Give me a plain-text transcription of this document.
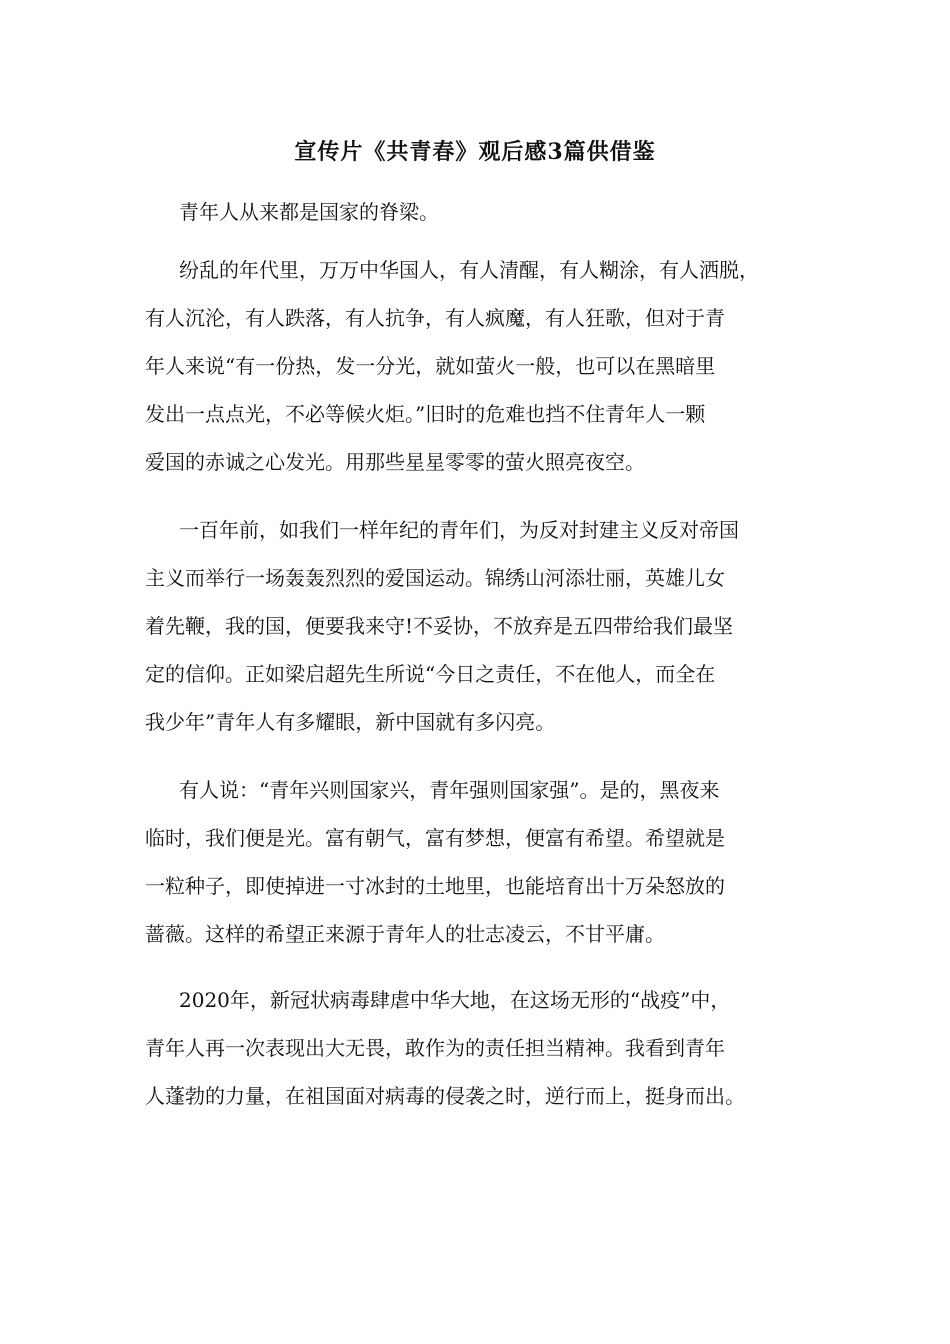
宣传片《共青春》观后感3篇供借鉴
青年人从来都是国家的脊梁。
纷乱的年代里，万万中华国人，有人清醒，有人糊涂，有人洒脱，
有人沉沦，有人跌落，有人抗争，有人疯魔，有人狂歌，但对于青
年人来说“有一份热，发一分光，就如萤火一般，也可以在黑暗里
发出一点点光，不必等候火炬。”旧时的危难也挡不住青年人一颗
爱国的赤诚之心发光。用那些星星零零的萤火照亮夜空。
一百年前，如我们一样年纪的青年们，为反对封建主义反对帝国
主义而举行一场轰轰烈烈的爱国运动。锦绣山河添壮丽，英雄儿女
着先鞭，我的国，便要我来守!不妥协，不放弃是五四带给我们最坚
定的信仰。正如梁启超先生所说“今日之责任，不在他人，而全在
我少年”青年人有多耀眼，新中国就有多闪亮。
有人说：“青年兴则国家兴，青年强则国家强”。是的，黑夜来
临时，我们便是光。富有朝气，富有梦想，便富有希望。希望就是
一粒种子，即使掉进一寸冰封的土地里，也能培育出十万朵怒放的
蔷薇。这样的希望正来源于青年人的壮志凌云，不甘平庸。
2020年，新冠状病毒肆虐中华大地，在这场无形的“战疫”中，
青年人再一次表现出大无畏，敢作为的责任担当精神。我看到青年
人蓬勃的力量，在祖国面对病毒的侵袭之时，逆行而上，挺身而出。
